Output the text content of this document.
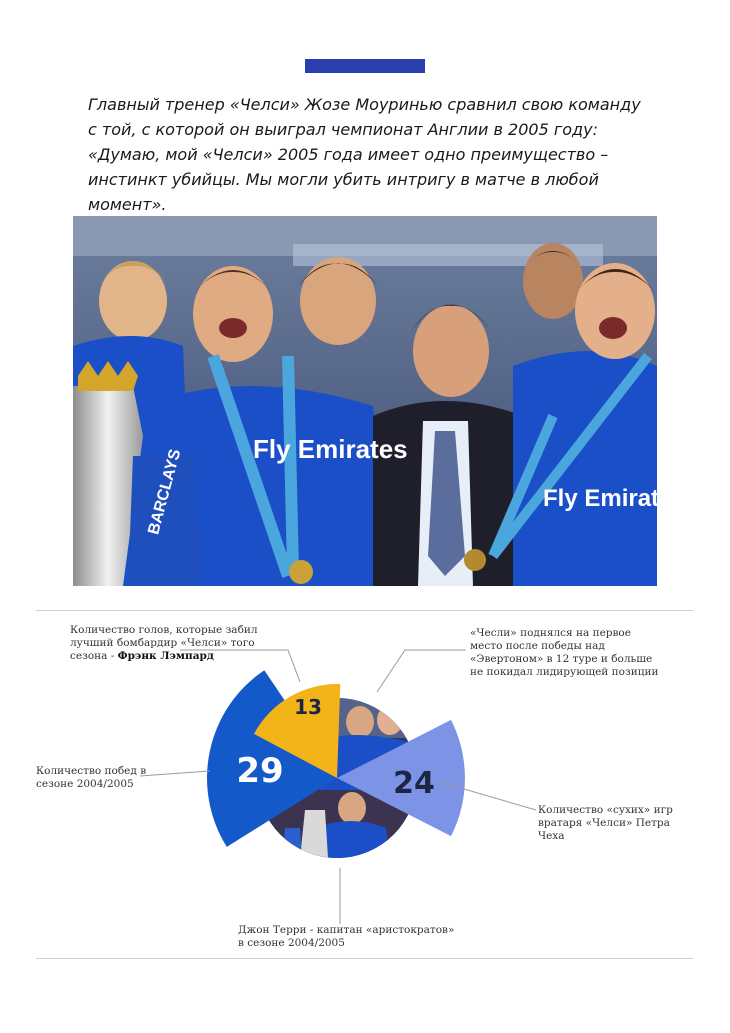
Главный тренер «Челси» Жозе Моуринью сравнил свою команду с той, с которой он выиграл чемпионат Англии в 2005 году: «Думаю, мой «Челси» 2005 года имеет одно преимущество – инстинкт убийцы. Мы могли убить интригу в матче в любой момент».

Fly Emirates
Fly Emirates
BARCLAYS

Количество голов, которые забил лучший бомбардир «Челси» того сезона - Фрэнк Лэмпард

«Чесли» поднялся на первое место после победы над «Эвертоном» в 12 туре и больше не покидал лидирующей позиции

Количество побед в сезоне 2004/2005

Количество «сухих» игр вратаря «Челси» Петра Чеха

Джон Терри - капитан «аристократов» в сезоне 2004/2005

29
13
24
